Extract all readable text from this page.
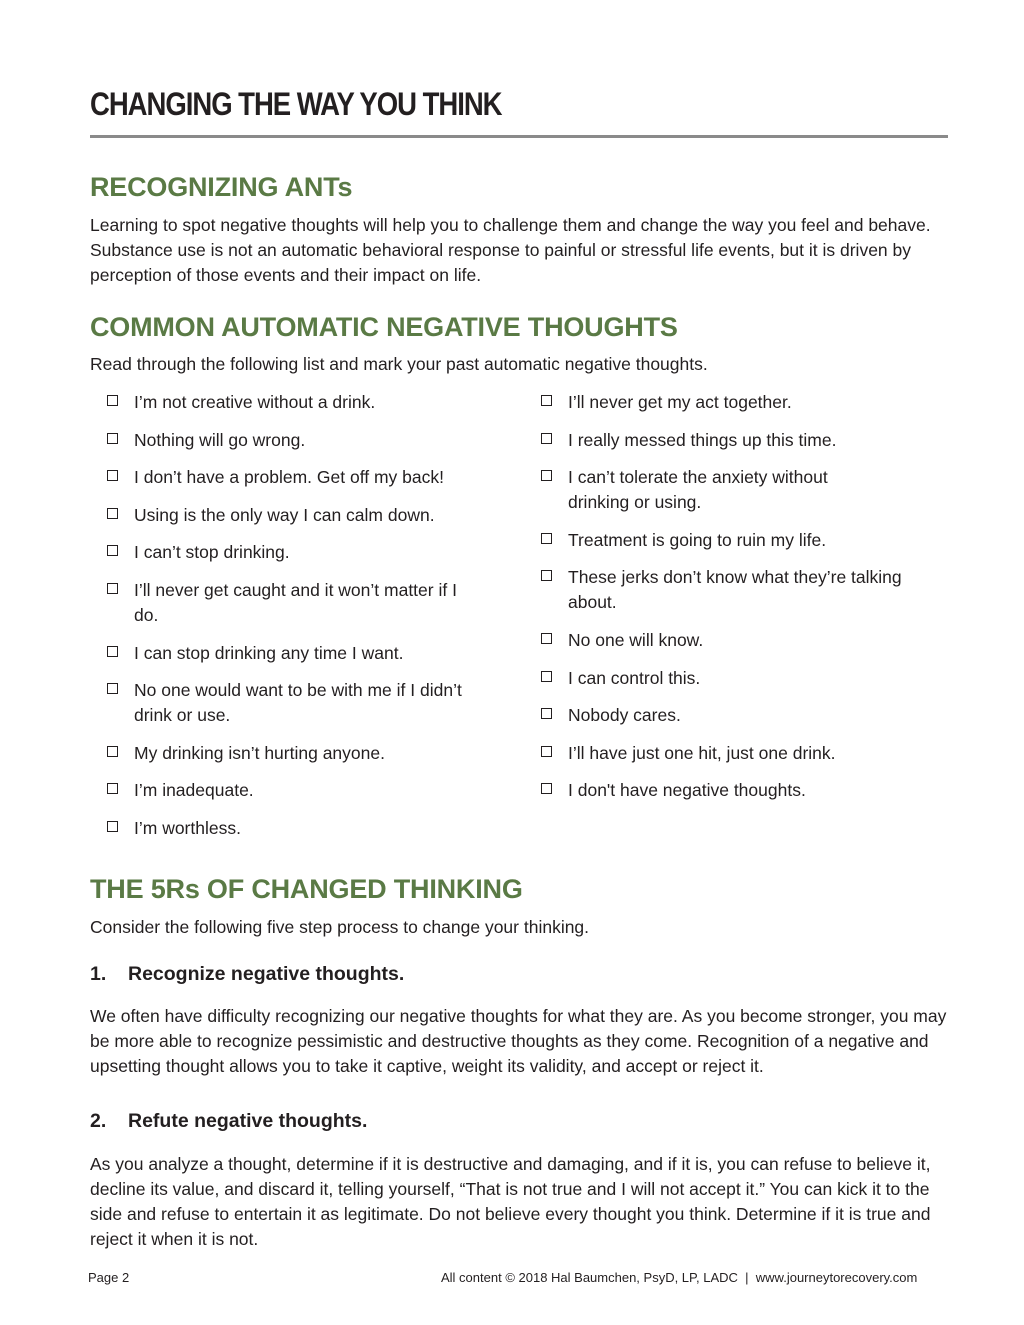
CHANGING THE WAY YOU THINK
RECOGNIZING ANTs

Learning to spot negative thoughts will help you to challenge them and change the way you feel and behave. Substance use is not an automatic behavioral response to painful or stressful life events, but it is driven by perception of those events and their impact on life.

COMMON AUTOMATIC NEGATIVE THOUGHTS

Read through the following list and mark your past automatic negative thoughts.

I’m not creative without a drink.
Nothing will go wrong.
I don’t have a problem. Get off my back!
Using is the only way I can calm down.
I can’t stop drinking.
I’ll never get caught and it won’t matter if I do.
I can stop drinking any time I want.
No one would want to be with me if I didn’t drink or use.
My drinking isn’t hurting anyone.
I’m inadequate.
I’m worthless.
I’ll never get my act together.
I really messed things up this time.
I can’t tolerate the anxiety without drinking or using.
Treatment is going to ruin my life.
These jerks don’t know what they’re talking about.
No one will know.
I can control this.
Nobody cares.
I’ll have just one hit, just one drink.
I don't have negative thoughts.
THE 5Rs OF CHANGED THINKING

Consider the following five step process to change your thinking.

1. Recognize negative thoughts.

We often have difficulty recognizing our negative thoughts for what they are. As you become stronger, you may be more able to recognize pessimistic and destructive thoughts as they come. Recognition of a negative and upsetting thought allows you to take it captive, weight its validity, and accept or reject it.

2. Refute negative thoughts.

As you analyze a thought, determine if it is destructive and damaging, and if it is, you can refuse to believe it, decline its value, and discard it, telling yourself, “That is not true and I will not accept it.” You can kick it to the side and refuse to entertain it as legitimate. Do not believe every thought you think. Determine if it is true and reject it when it is not.

Page 2	All content © 2018 Hal Baumchen, PsyD, LP, LADC  |  www.journeytorecovery.com
